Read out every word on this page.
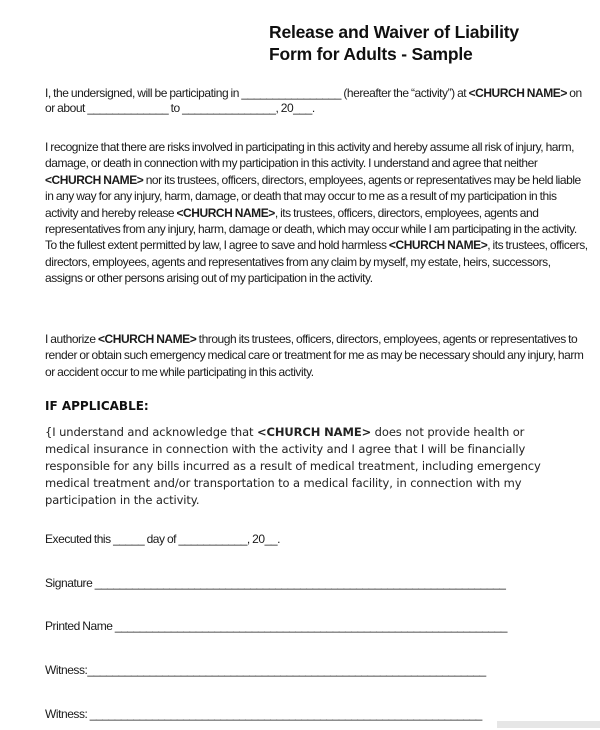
Release and Waiver of Liability
Form for Adults - Sample

I, the undersigned, will be participating in ________________ (hereafter the “activity”) at <CHURCH NAME> on or about _____________ to _______________, 20___.

I recognize that there are risks involved in participating in this activity and hereby assume all risk of injury, harm, damage, or death in connection with my participation in this activity. I understand and agree that neither <CHURCH NAME> nor its trustees, officers, directors, employees, agents or representatives may be held liable in any way for any injury, harm, damage, or death that may occur to me as a result of my participation in this activity and hereby release <CHURCH NAME>, its trustees, officers, directors, employees, agents and representatives from any injury, harm, damage or death, which may occur while I am participating in the activity. To the fullest extent permitted by law, I agree to save and hold harmless <CHURCH NAME>, its trustees, officers, directors, employees, agents and representatives from any claim by myself, my estate, heirs, successors, assigns or other persons arising out of my participation in the activity.

I authorize <CHURCH NAME> through its trustees, officers, directors, employees, agents or representatives to render or obtain such emergency medical care or treatment for me as may be necessary should any injury, harm or accident occur to me while participating in this activity.

IF APPLICABLE:

{I understand and acknowledge that <CHURCH NAME> does not provide health or medical insurance in connection with the activity and I agree that I will be financially responsible for any bills incurred as a result of medical treatment, including emergency medical treatment and/or transportation to a medical facility, in connection with my participation in the activity.

Executed this _____ day of ___________, 20__.
Signature __________________________________________________________________
Printed Name _______________________________________________________________
Witness:________________________________________________________________
Witness: _______________________________________________________________
